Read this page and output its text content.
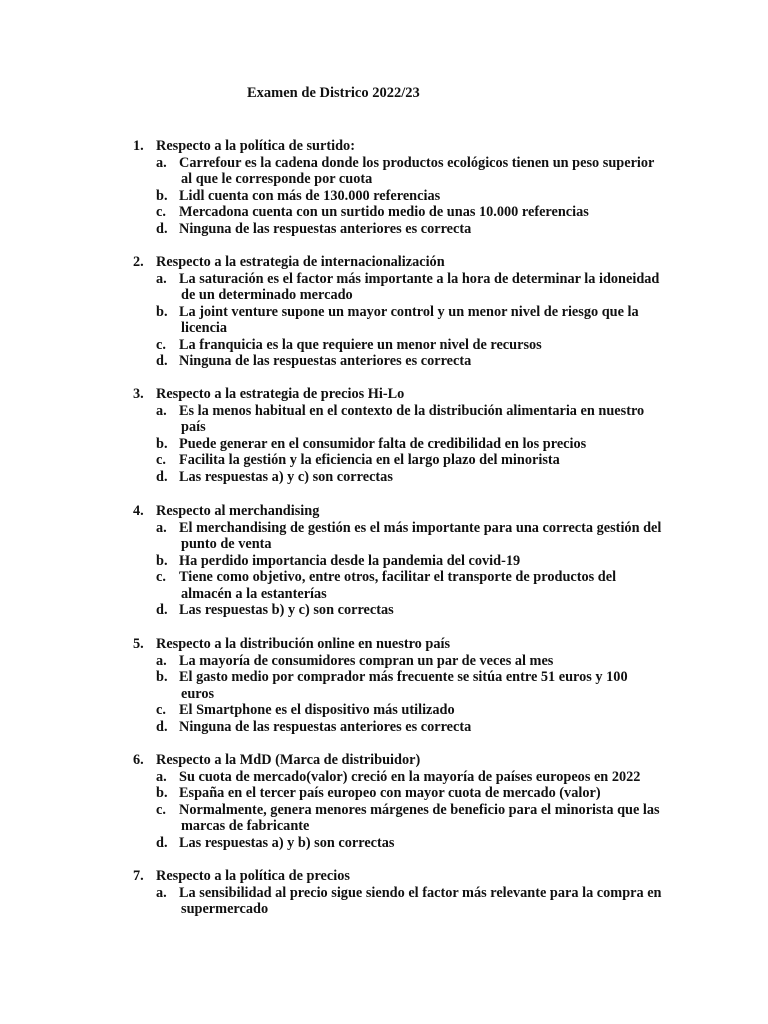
Examen de Districo 2022/23
1. Respecto a la política de surtido:
a. Carrefour es la cadena donde los productos ecológicos tienen un peso superior
al que le corresponde por cuota
b. Lidl cuenta con más de 130.000 referencias
c. Mercadona cuenta con un surtido medio de unas 10.000 referencias
d. Ninguna de las respuestas anteriores es correcta
2. Respecto a la estrategia de internacionalización
a. La saturación es el factor más importante a la hora de determinar la idoneidad
de un determinado mercado
b. La joint venture supone un mayor control y un menor nivel de riesgo que la
licencia
c. La franquicia es la que requiere un menor nivel de recursos
d. Ninguna de las respuestas anteriores es correcta
3. Respecto a la estrategia de precios Hi-Lo
a. Es la menos habitual en el contexto de la distribución alimentaria en nuestro
país
b. Puede generar en el consumidor falta de credibilidad en los precios
c. Facilita la gestión y la eficiencia en el largo plazo del minorista
d. Las respuestas a) y c) son correctas
4. Respecto al merchandising
a. El merchandising de gestión es el más importante para una correcta gestión del
punto de venta
b. Ha perdido importancia desde la pandemia del covid-19
c. Tiene como objetivo, entre otros, facilitar el transporte de productos del
almacén a la estanterías
d. Las respuestas b) y c) son correctas
5. Respecto a la distribución online en nuestro país
a. La mayoría de consumidores compran un par de veces al mes
b. El gasto medio por comprador más frecuente se sitúa entre 51 euros y 100
euros
c. El Smartphone es el dispositivo más utilizado
d. Ninguna de las respuestas anteriores es correcta
6. Respecto a la MdD (Marca de distribuidor)
a. Su cuota de mercado(valor) creció en la mayoría de países europeos en 2022
b. España en el tercer país europeo con mayor cuota de mercado (valor)
c. Normalmente, genera menores márgenes de beneficio para el minorista que las
marcas de fabricante
d. Las respuestas a) y b) son correctas
7. Respecto a la política de precios
a. La sensibilidad al precio sigue siendo el factor más relevante para la compra en
supermercado
